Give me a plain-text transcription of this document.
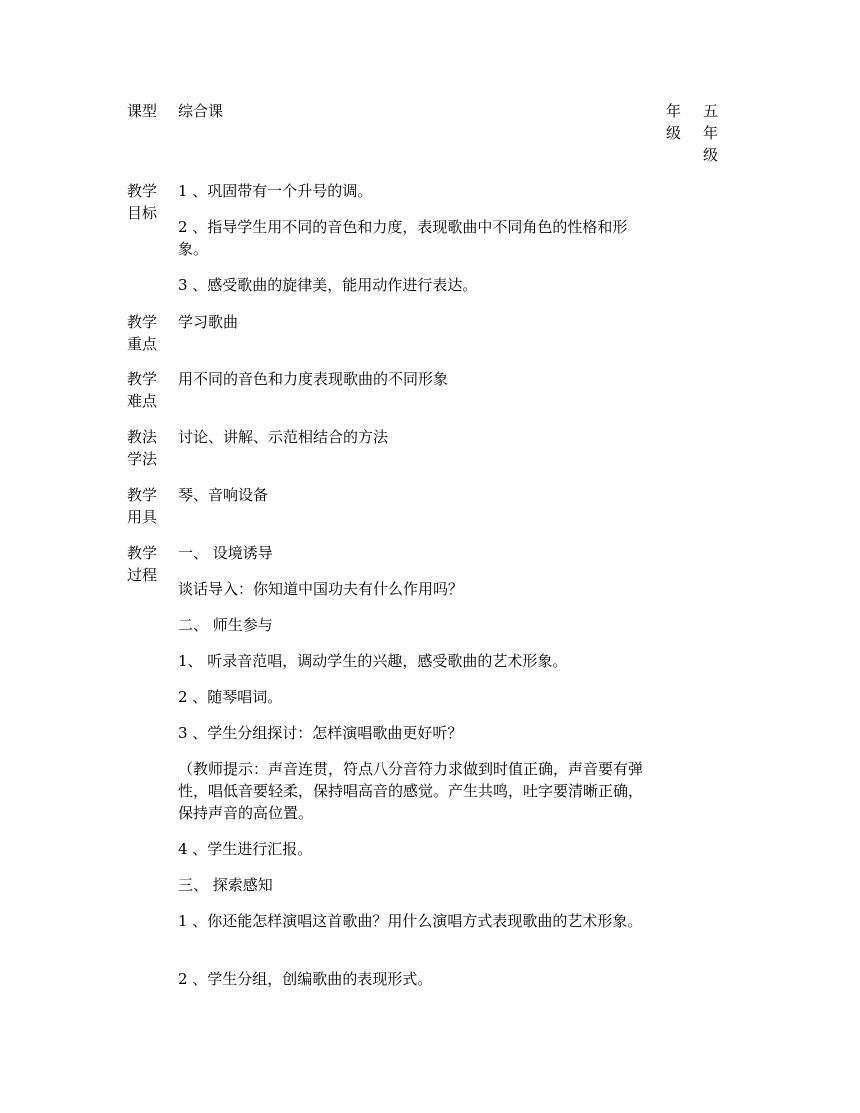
课型	综合课	年级
五年级
教学目标

1 、巩固带有一个升号的调。

2 、指导学生用不同的音色和力度，表现歌曲中不同角色的性格和形象。

3 、感受歌曲的旋律美，能用动作进行表达。

教学重点
学习歌曲
教学难点
用不同的音色和力度表现歌曲的不同形象
教法学法
讨论、讲解、示范相结合的方法
教学用具
琴、音响设备
教学过程

一、 设境诱导

谈话导入：你知道中国功夫有什么作用吗？

二、 师生参与

1、 听录音范唱，调动学生的兴趣，感受歌曲的艺术形象。

2 、随琴唱词。

3 、学生分组探讨：怎样演唱歌曲更好听？

（教师提示：声音连贯，符点八分音符力求做到时值正确，声音要有弹性，唱低音要轻柔，保持唱高音的感觉。产生共鸣，吐字要清晰正确，保持声音的高位置。

4 、学生进行汇报。

三、 探索感知

1 、你还能怎样演唱这首歌曲？用什么演唱方式表现歌曲的艺术形象。

2 、学生分组，创编歌曲的表现形式。
